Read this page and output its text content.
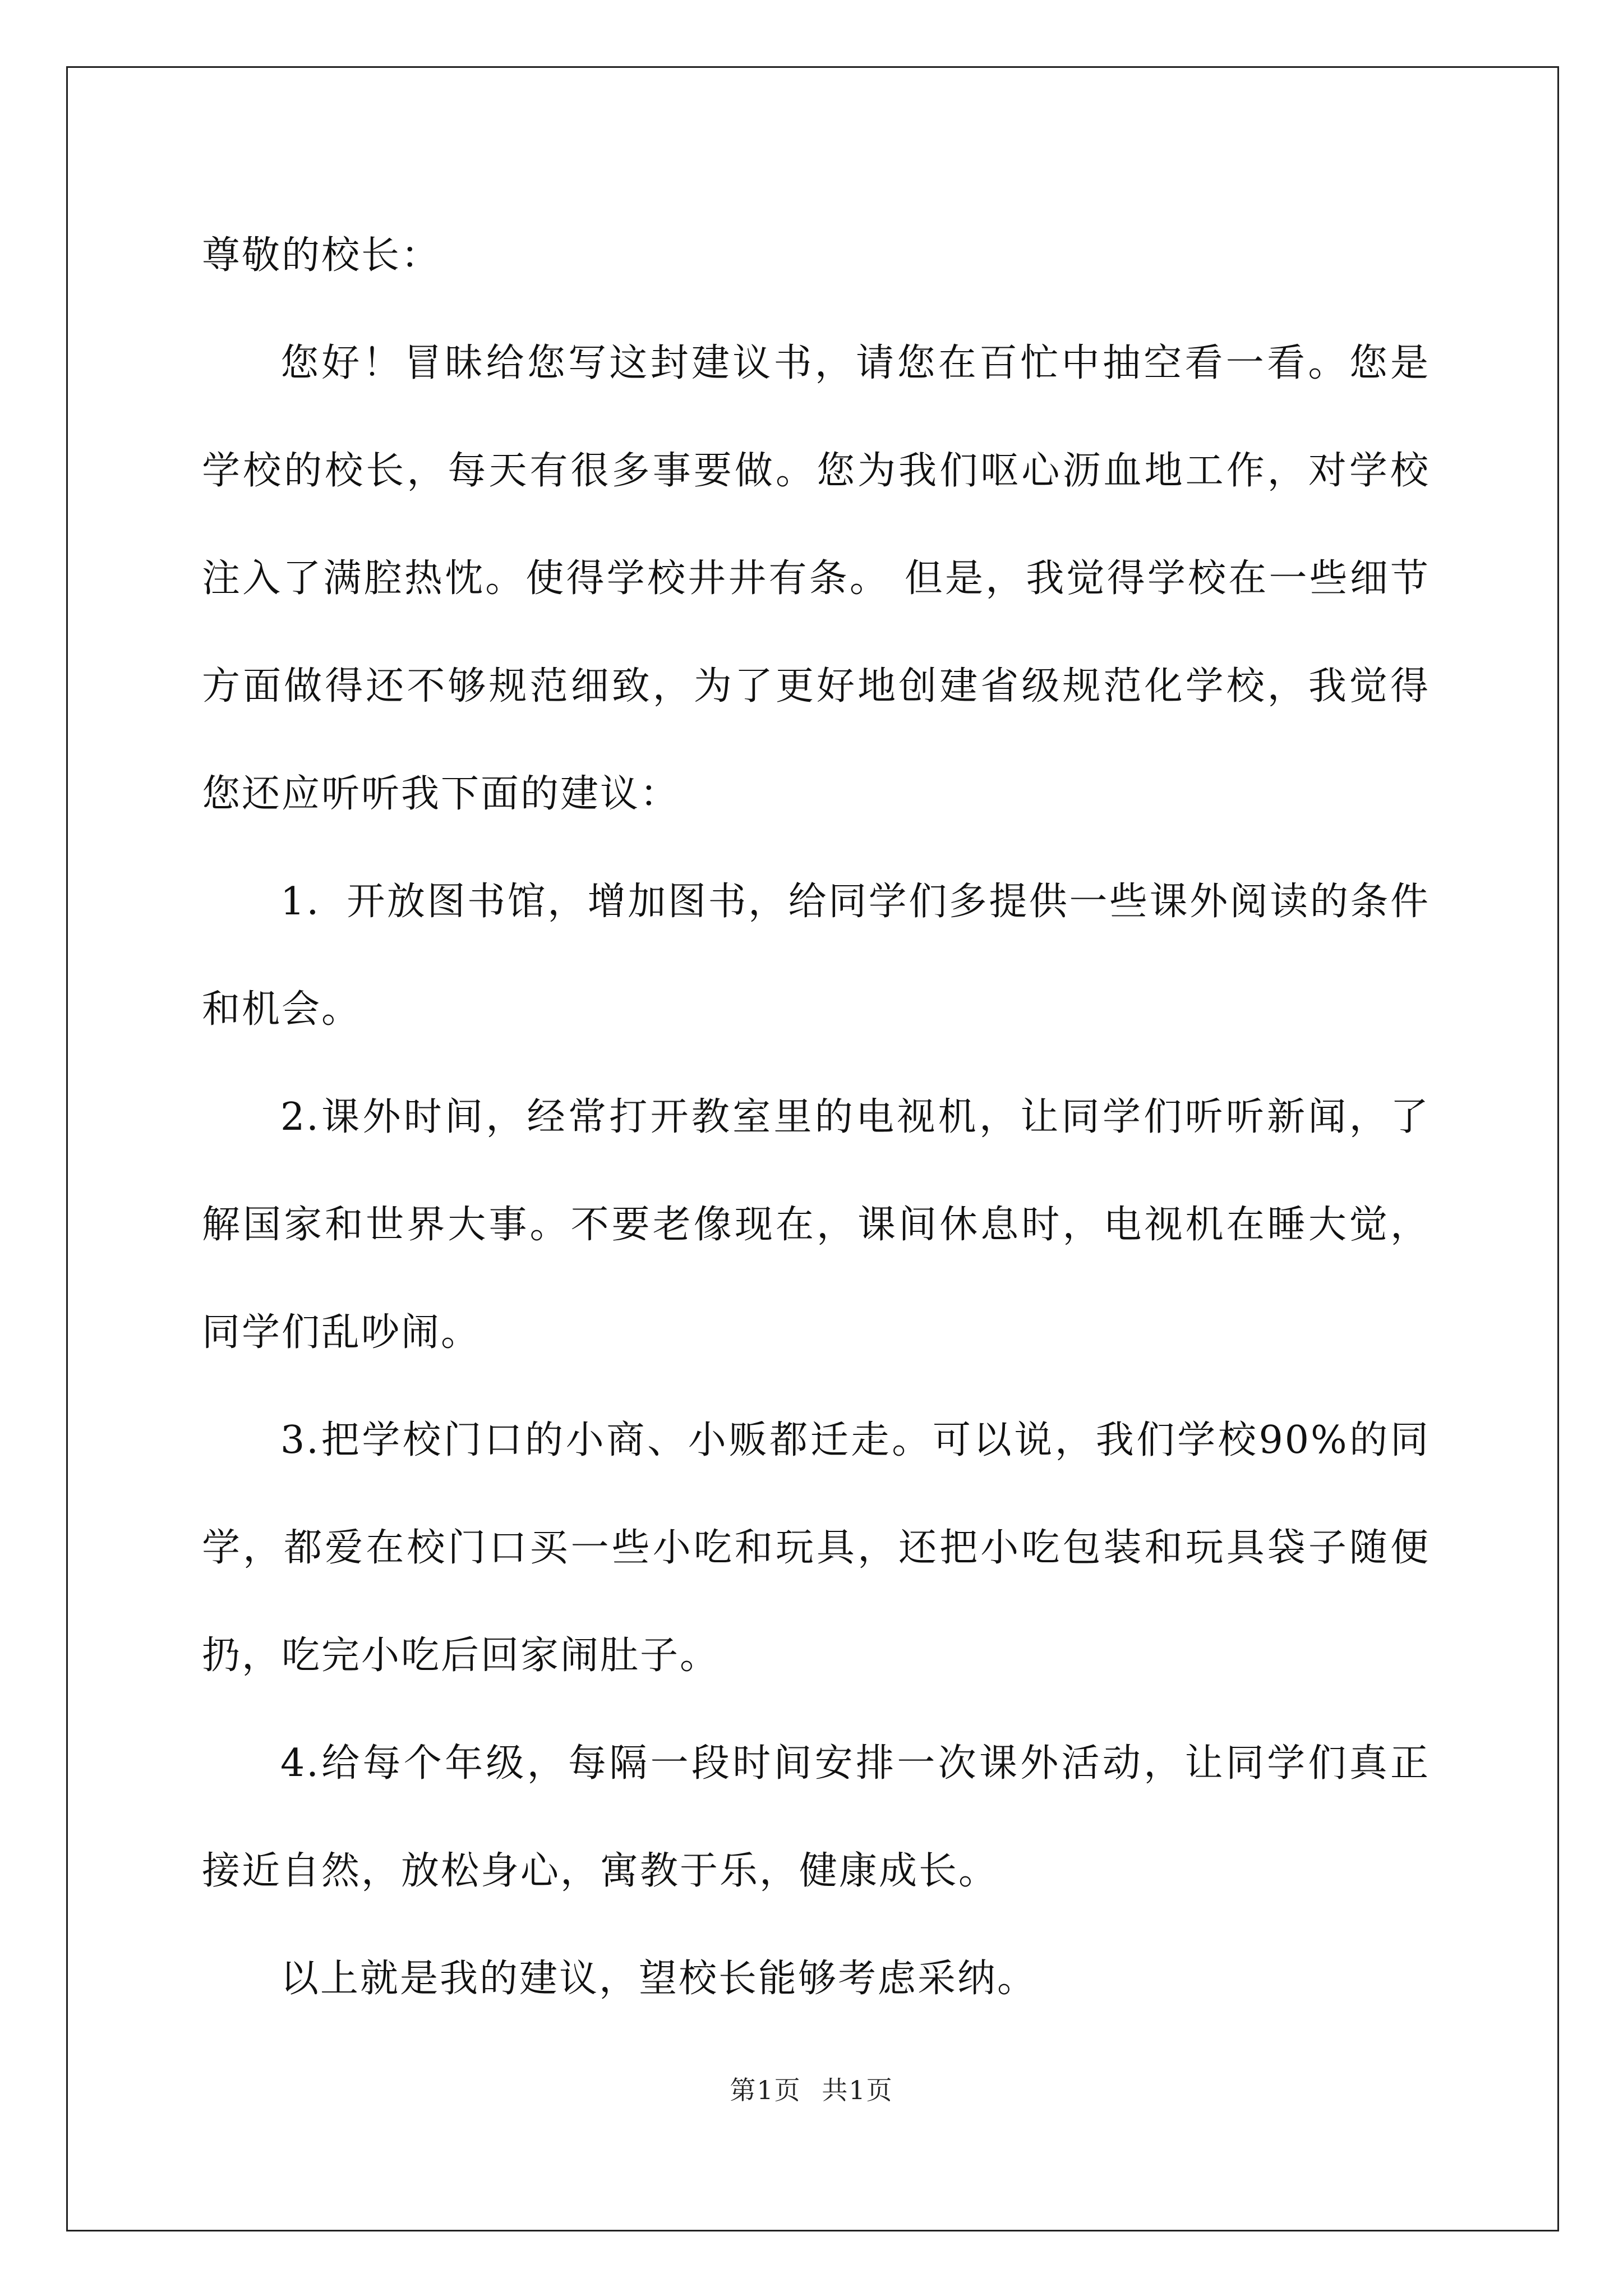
尊敬的校长：

您好！冒昧给您写这封建议书，请您在百忙中抽空看一看。您是学校的校长，每天有很多事要做。您为我们呕心沥血地工作，对学校注入了满腔热忱。使得学校井井有条。 但是，我觉得学校在一些细节方面做得还不够规范细致，为了更好地创建省级规范化学校，我觉得您还应听听我下面的建议：

1．开放图书馆，增加图书，给同学们多提供一些课外阅读的条件和机会。

2.课外时间，经常打开教室里的电视机，让同学们听听新闻，了解国家和世界大事。不要老像现在，课间休息时，电视机在睡大觉，同学们乱吵闹。

3.把学校门口的小商、小贩都迁走。可以说，我们学校90%的同学，都爱在校门口买一些小吃和玩具，还把小吃包装和玩具袋子随便扔，吃完小吃后回家闹肚子。

4.给每个年级，每隔一段时间安排一次课外活动，让同学们真正接近自然，放松身心，寓教于乐，健康成长。

以上就是我的建议，望校长能够考虑采纳。

第1页 共1页
